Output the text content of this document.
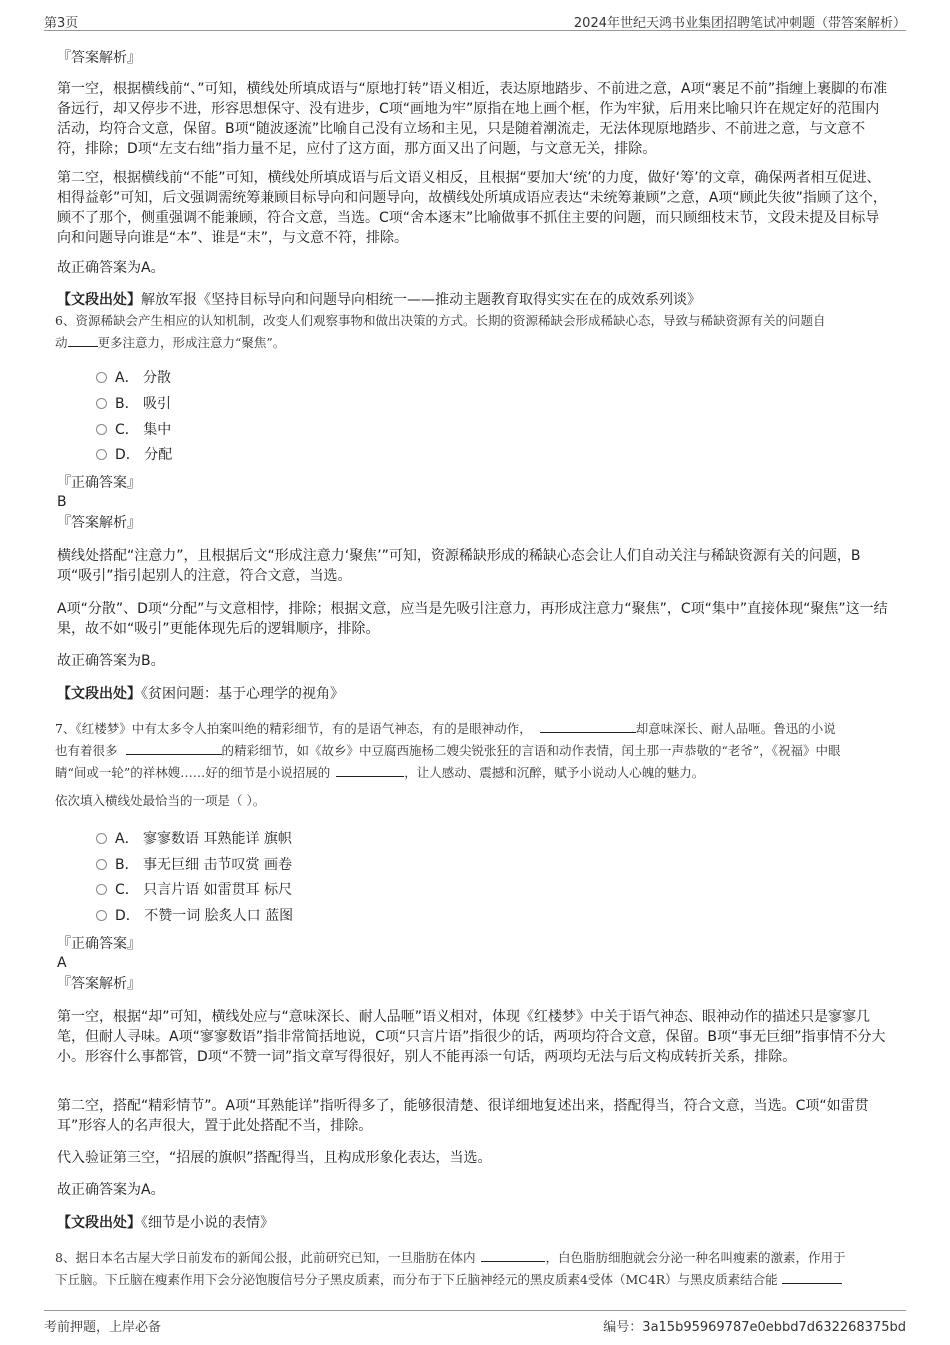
第3页	2024年世纪天鸿书业集团招聘笔试冲刺题（带答案解析）
『答案解析』
第一空，根据横线前“、”可知，横线处所填成语与“原地打转”语义相近，表达原地踏步、不前进之意，A项“裹足不前”指缠上裹脚的布准备远行，却又停步不进，形容思想保守、没有进步，C项“画地为牢”原指在地上画个框，作为牢狱，后用来比喻只许在规定好的范围内活动，均符合文意，保留。B项“随波逐流”比喻自己没有立场和主见，只是随着潮流走，无法体现原地踏步、不前进之意，与文意不符，排除；D项“左支右绌”指力量不足，应付了这方面，那方面又出了问题，与文意无关，排除。
第二空，根据横线前“不能”可知，横线处所填成语与后文语义相反，且根据“要加大‘统’的力度，做好‘筹’的文章，确保两者相互促进、相得益彰”可知，后文强调需统筹兼顾目标导向和问题导向，故横线处所填成语应表达“未统筹兼顾”之意，A项“顾此失彼”指顾了这个，顾不了那个，侧重强调不能兼顾，符合文意，当选。C项“舍本逐末”比喻做事不抓住主要的问题，而只顾细枝末节，文段未提及目标导向和问题导向谁是“本”、谁是“末”，与文意不符，排除。
故正确答案为A。
【文段出处】解放军报《坚持目标导向和问题导向相统一——推动主题教育取得实实在在的成效系列谈》
6、资源稀缺会产生相应的认知机制，改变人们观察事物和做出决策的方式。长期的资源稀缺会形成稀缺心态，导致与稀缺资源有关的问题自
动 更多注意力，形成注意力“聚焦”。
A． 分散
B． 吸引
C． 集中
D． 分配
『正确答案』
B
『答案解析』
横线处搭配“注意力”，且根据后文“形成注意力‘聚焦’”可知，资源稀缺形成的稀缺心态会让人们自动关注与稀缺资源有关的问题，B项“吸引”指引起别人的注意，符合文意，当选。
A项“分散”、D项“分配”与文意相悖，排除；根据文意，应当是先吸引注意力，再形成注意力“聚焦”，C项“集中”直接体现“聚焦”这一结果，故不如“吸引”更能体现先后的逻辑顺序，排除。
故正确答案为B。
【文段出处】《贫困问题：基于心理学的视角》
7、《红楼梦》中有太多令人拍案叫绝的精彩细节，有的是语气神态，有的是眼神动作，	却意味深长、耐人品咂。鲁迅的小说
也有着很多	的精彩细节，如《故乡》中豆腐西施杨二嫂尖锐张狂的言语和动作表情，闰土那一声恭敬的“老爷”，《祝福》中眼
睛“间或一轮”的祥林嫂……好的细节是小说招展的	，让人感动、震撼和沉醉，赋予小说动人心魄的魅力。
依次填入横线处最恰当的一项是（ ）。
A． 寥寥数语 耳熟能详 旗帜
B． 事无巨细 击节叹赏 画卷
C． 只言片语 如雷贯耳 标尺
D． 不赞一词 脍炙人口 蓝图
『正确答案』
A
『答案解析』
第一空，根据“却”可知，横线处应与“意味深长、耐人品咂”语义相对，体现《红楼梦》中关于语气神态、眼神动作的描述只是寥寥几笔，但耐人寻味。A项“寥寥数语”指非常简括地说，C项“只言片语”指很少的话，两项均符合文意，保留。B项“事无巨细”指事情不分大小。形容什么事都管，D项“不赞一词”指文章写得很好，别人不能再添一句话，两项均无法与后文构成转折关系，排除。
第二空，搭配“精彩情节”。A项“耳熟能详”指听得多了，能够很清楚、很详细地复述出来，搭配得当，符合文意，当选。C项“如雷贯耳”形容人的名声很大，置于此处搭配不当，排除。
代入验证第三空，“招展的旗帜”搭配得当，且构成形象化表达，当选。
故正确答案为A。
【文段出处】《细节是小说的表情》
8、据日本名古屋大学日前发布的新闻公报，此前研究已知，一旦脂肪在体内	，白色脂肪细胞就会分泌一种名叫瘦素的激素，作用于
下丘脑。下丘脑在瘦素作用下会分泌饱腹信号分子黑皮质素，而分布于下丘脑神经元的黑皮质素4受体（MC4R）与黑皮质素结合能
考前押题，上岸必备	编号：3a15b95969787e0ebbd7d632268375bd
